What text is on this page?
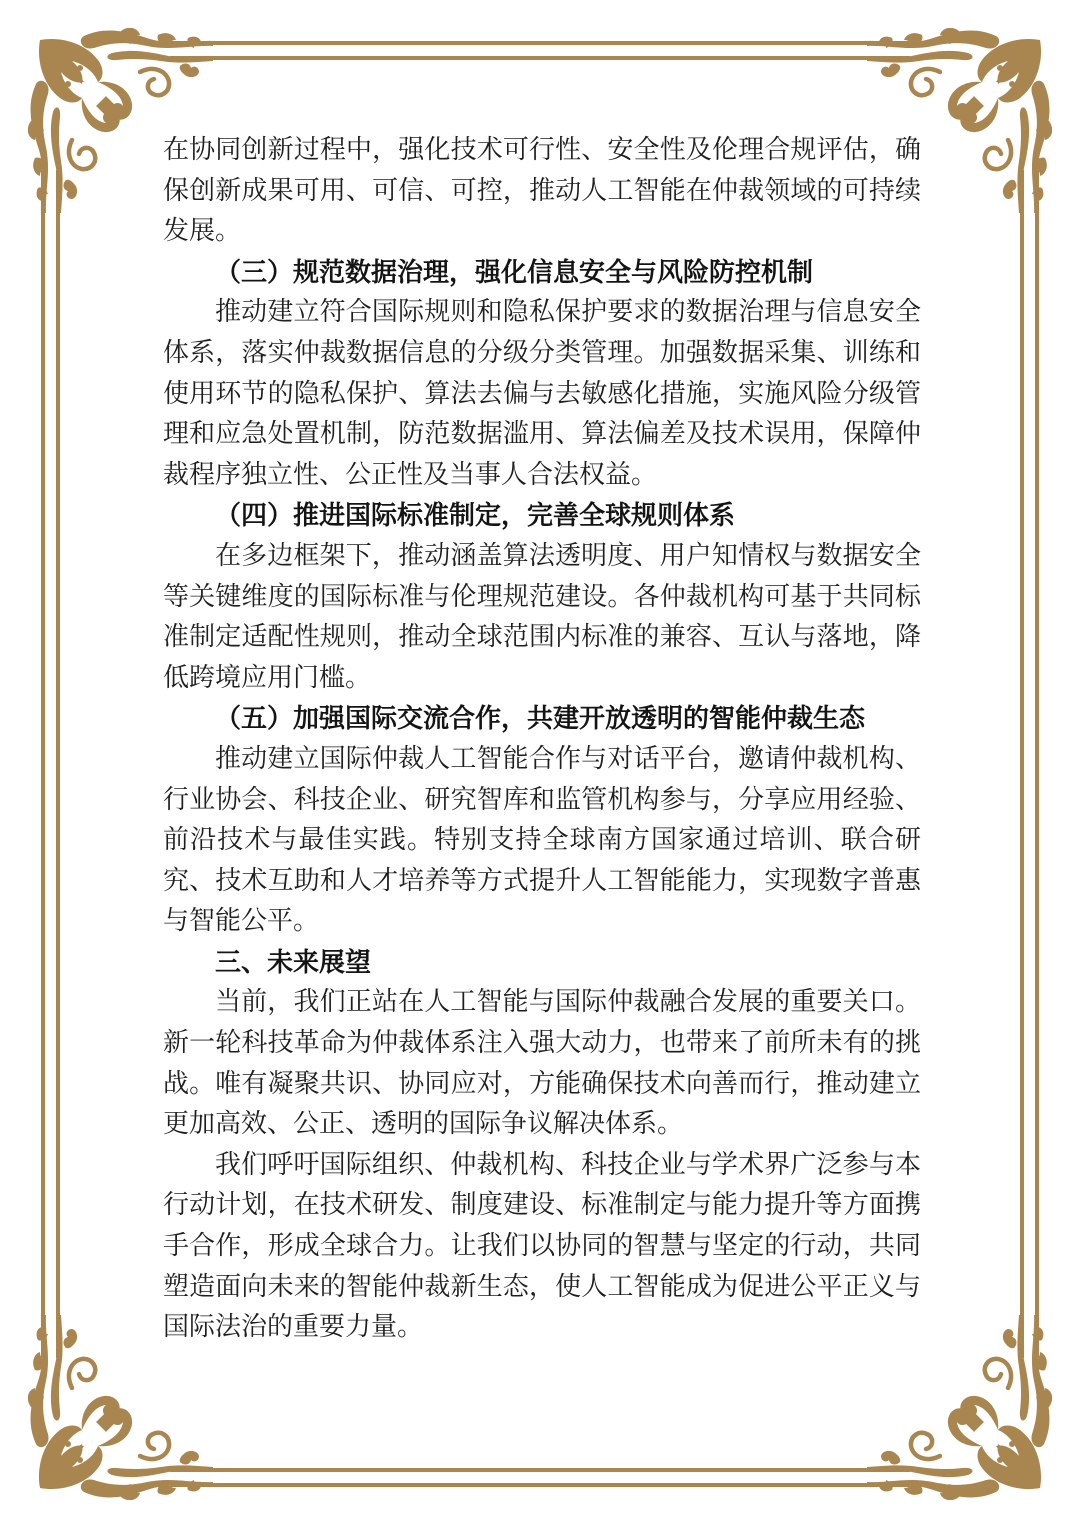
在协同创新过程中，强化技术可行性、安全性及伦理合规评估，确保创新成果可用、可信、可控，推动人工智能在仲裁领域的可持续发展。
（三）规范数据治理，强化信息安全与风险防控机制
推动建立符合国际规则和隐私保护要求的数据治理与信息安全体系，落实仲裁数据信息的分级分类管理。加强数据采集、训练和使用环节的隐私保护、算法去偏与去敏感化措施，实施风险分级管理和应急处置机制，防范数据滥用、算法偏差及技术误用，保障仲裁程序独立性、公正性及当事人合法权益。
（四）推进国际标准制定，完善全球规则体系
在多边框架下，推动涵盖算法透明度、用户知情权与数据安全等关键维度的国际标准与伦理规范建设。各仲裁机构可基于共同标准制定适配性规则，推动全球范围内标准的兼容、互认与落地，降低跨境应用门槛。
（五）加强国际交流合作，共建开放透明的智能仲裁生态
推动建立国际仲裁人工智能合作与对话平台，邀请仲裁机构、行业协会、科技企业、研究智库和监管机构参与，分享应用经验、前沿技术与最佳实践。特别支持全球南方国家通过培训、联合研究、技术互助和人才培养等方式提升人工智能能力，实现数字普惠与智能公平。
三、未来展望
当前，我们正站在人工智能与国际仲裁融合发展的重要关口。新一轮科技革命为仲裁体系注入强大动力，也带来了前所未有的挑战。唯有凝聚共识、协同应对，方能确保技术向善而行，推动建立更加高效、公正、透明的国际争议解决体系。
我们呼吁国际组织、仲裁机构、科技企业与学术界广泛参与本行动计划，在技术研发、制度建设、标准制定与能力提升等方面携手合作，形成全球合力。让我们以协同的智慧与坚定的行动，共同塑造面向未来的智能仲裁新生态，使人工智能成为促进公平正义与国际法治的重要力量。
